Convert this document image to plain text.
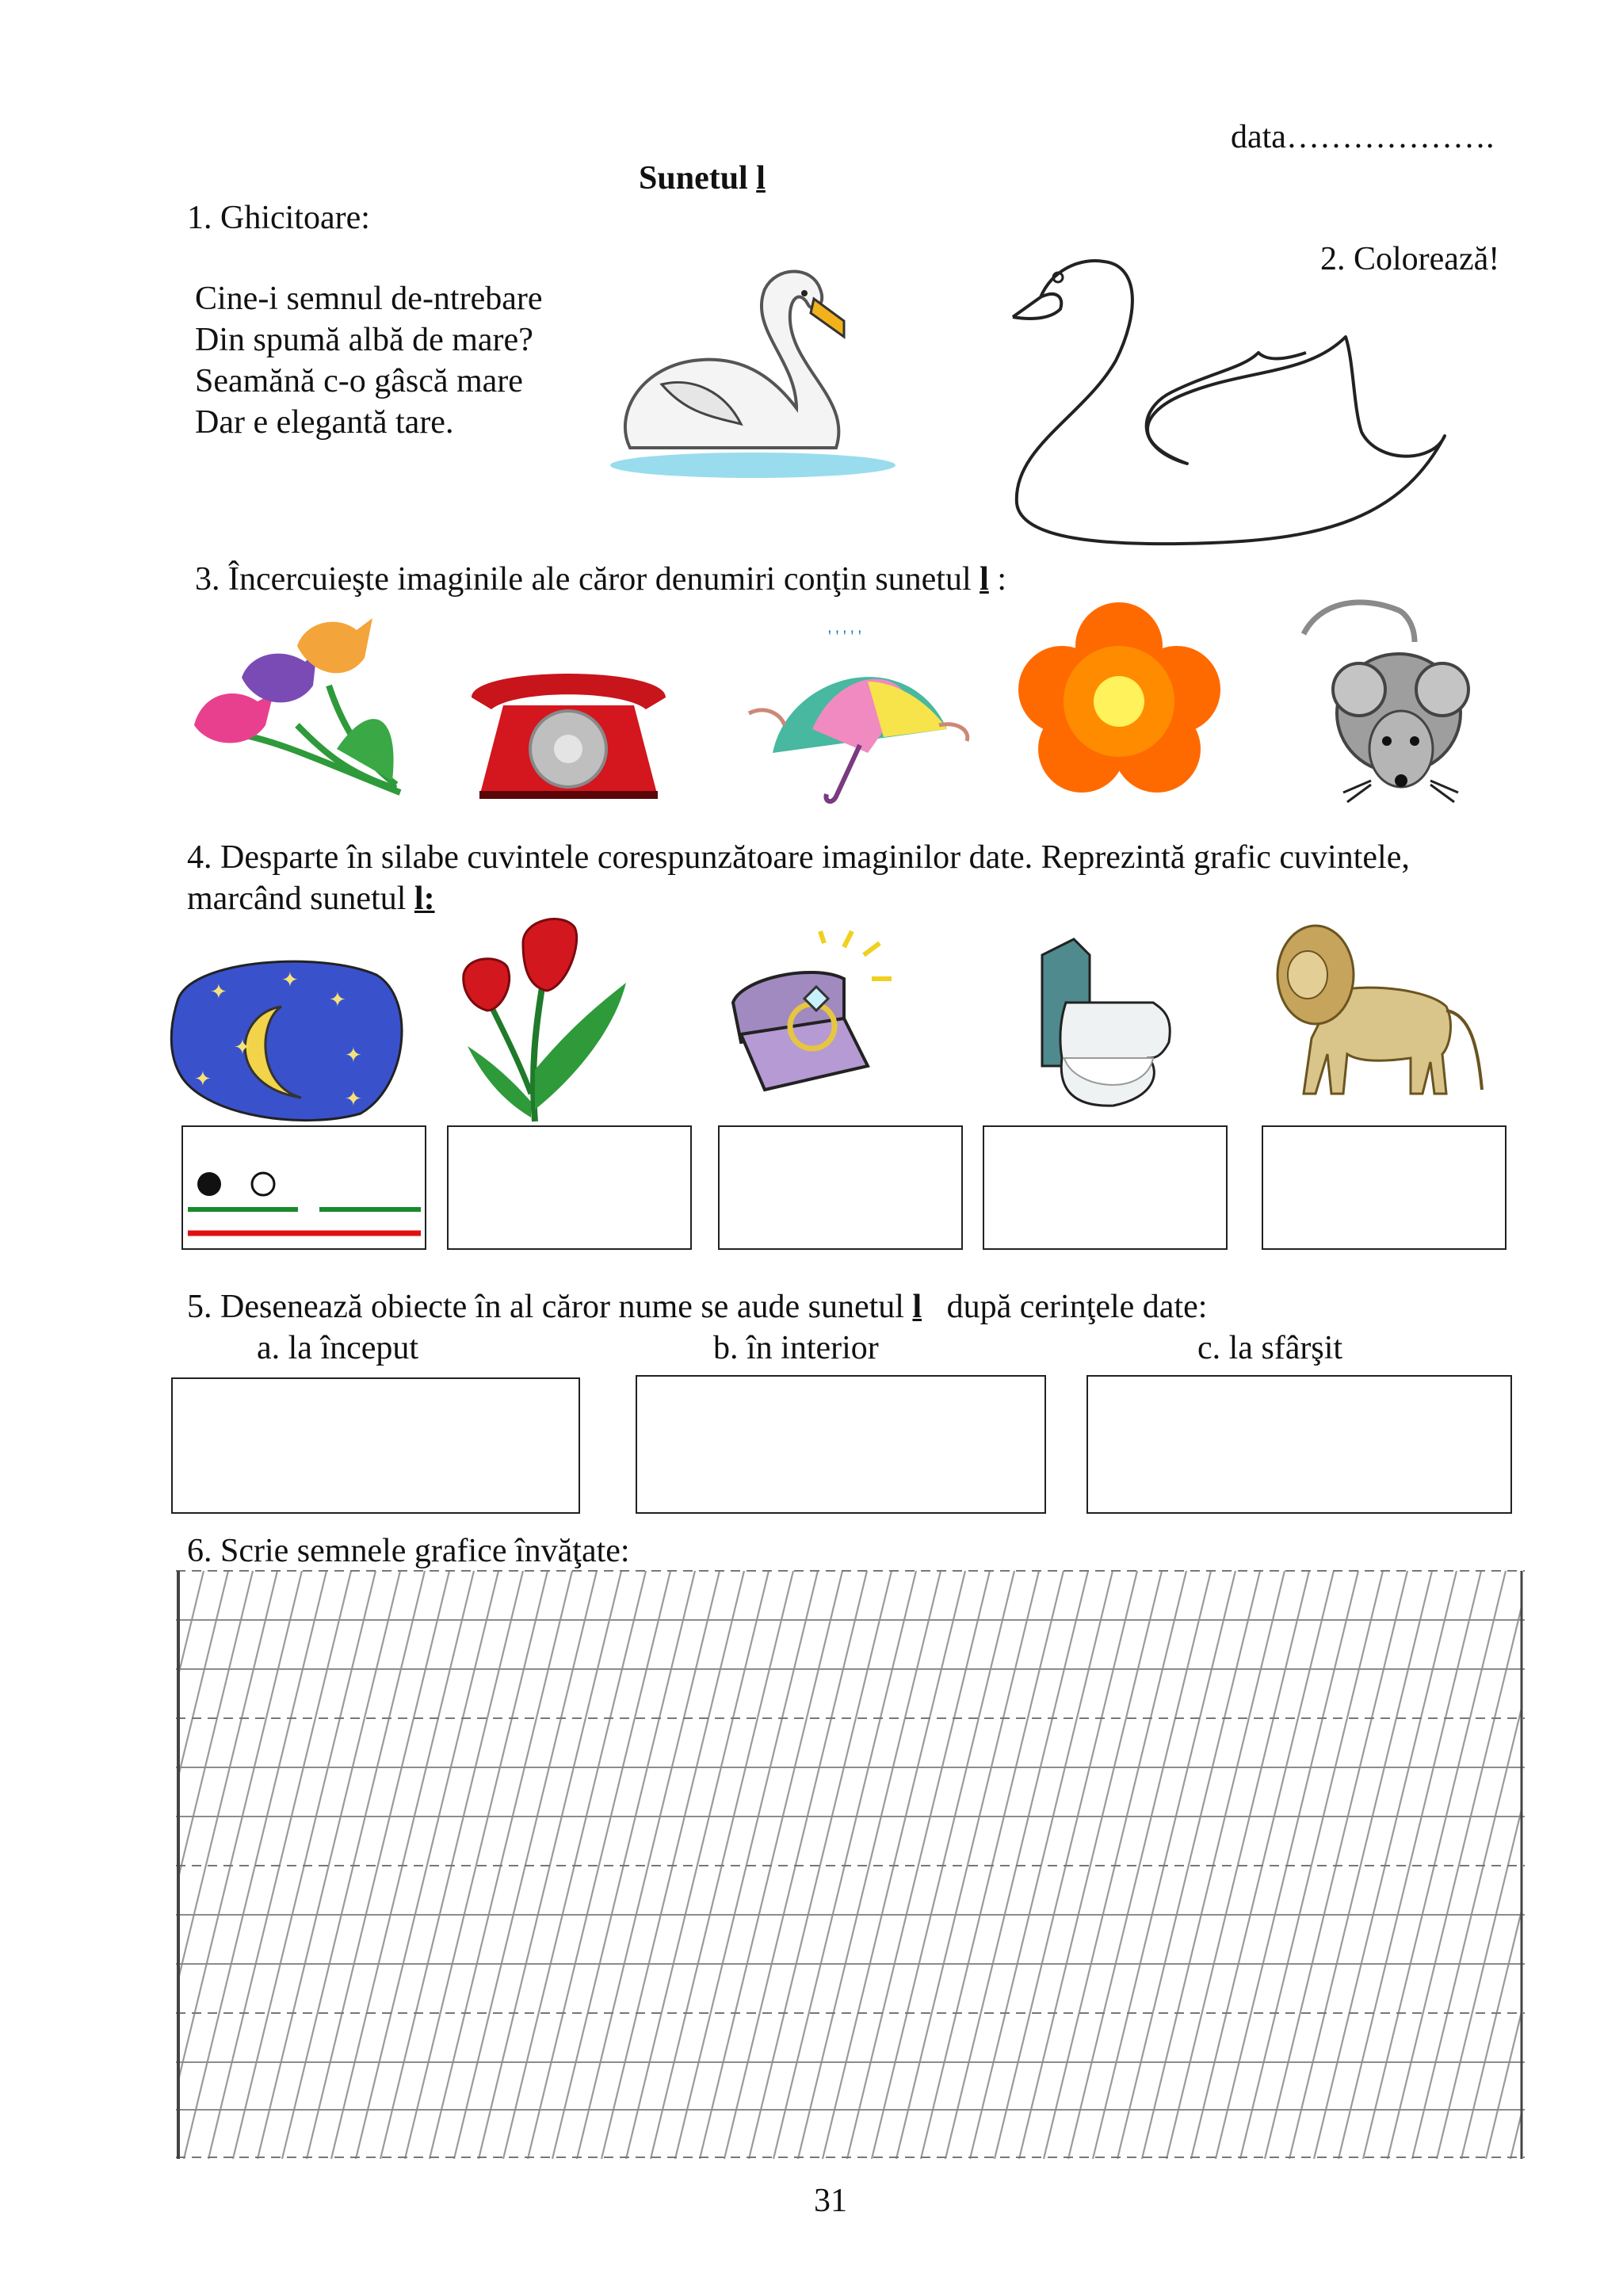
data……………….
Sunetul l
1. Ghicitoare:
Cine-i semnul de-ntrebare
Din spumă albă de mare?
Seamănă c-o gâscă mare
Dar e elegantă tare.
2. Colorează!
3. Încercuieşte imaginile ale căror denumiri conţin sunetul l :
' ' ' ' '
4. Desparte în silabe cuvintele corespunzătoare imaginilor date. Reprezintă grafic cuvintele,
marcând sunetul l:
✦	✦
✦	✦
✦
✦
✦
5. Desenează obiecte în al căror nume se aude sunetul l   după cerinţele date:
a. la început	b. în interior	c. la sfârşit
6. Scrie semnele grafice învăţate:
31
